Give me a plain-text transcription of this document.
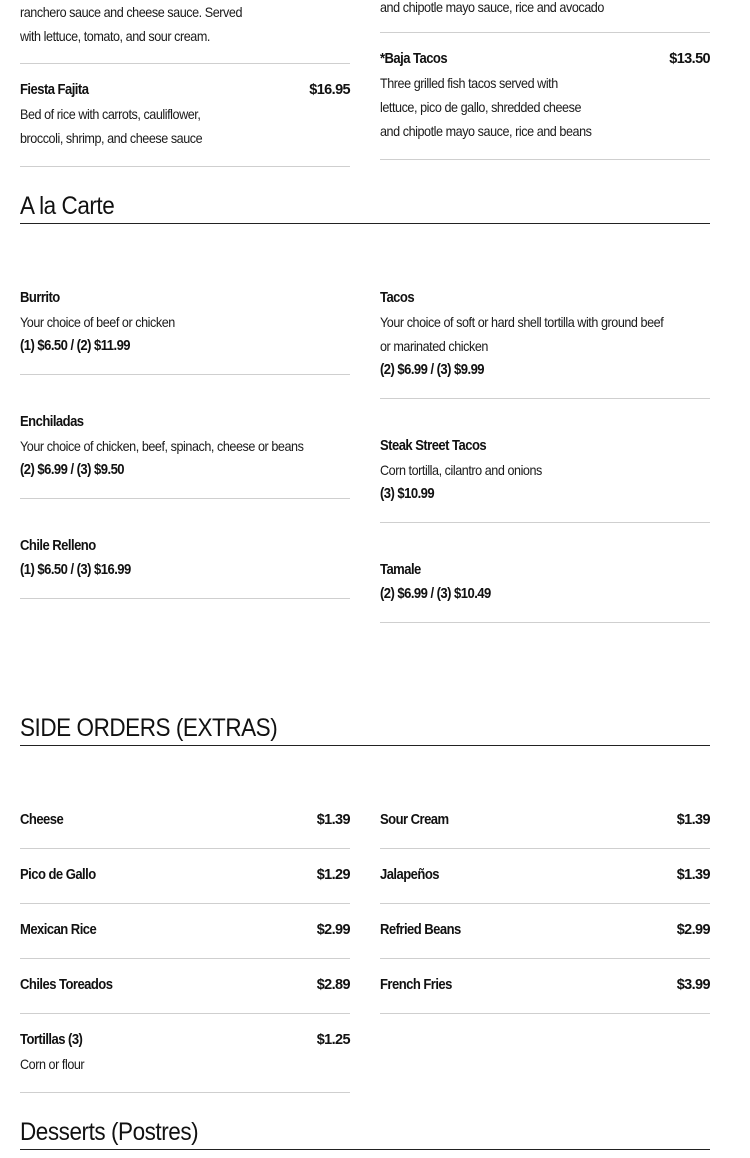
ranchero sauce and cheese sauce. Served
with lettuce, tomato, and sour cream.
Fiesta Fajita	$16.95
Bed of rice with carrots, cauliflower,
broccoli, shrimp, and cheese sauce
and chipotle mayo sauce, rice and avocado
*Baja Tacos	$13.50
Three grilled fish tacos served with
lettuce, pico de gallo, shredded cheese
and chipotle mayo sauce, rice and beans
A la Carte
Burrito
Your choice of beef or chicken
(1) $6.50 / (2) $11.99
Enchiladas
Your choice of chicken, beef, spinach, cheese or beans
(2) $6.99 / (3) $9.50
Chile Relleno
(1) $6.50 / (3) $16.99
Tacos
Your choice of soft or hard shell tortilla with ground beef
or marinated chicken
(2) $6.99 / (3) $9.99
Steak Street Tacos
Corn tortilla, cilantro and onions
(3) $10.99
Tamale
(2) $6.99 / (3) $10.49
SIDE ORDERS (EXTRAS)
Cheese	$1.39
Pico de Gallo	$1.29
Mexican Rice	$2.99
Chiles Toreados	$2.89
Tortillas (3)	$1.25

Corn or flour
Sour Cream	$1.39
Jalapeños	$1.39
Refried Beans	$2.99
French Fries	$3.99
Desserts (Postres)
